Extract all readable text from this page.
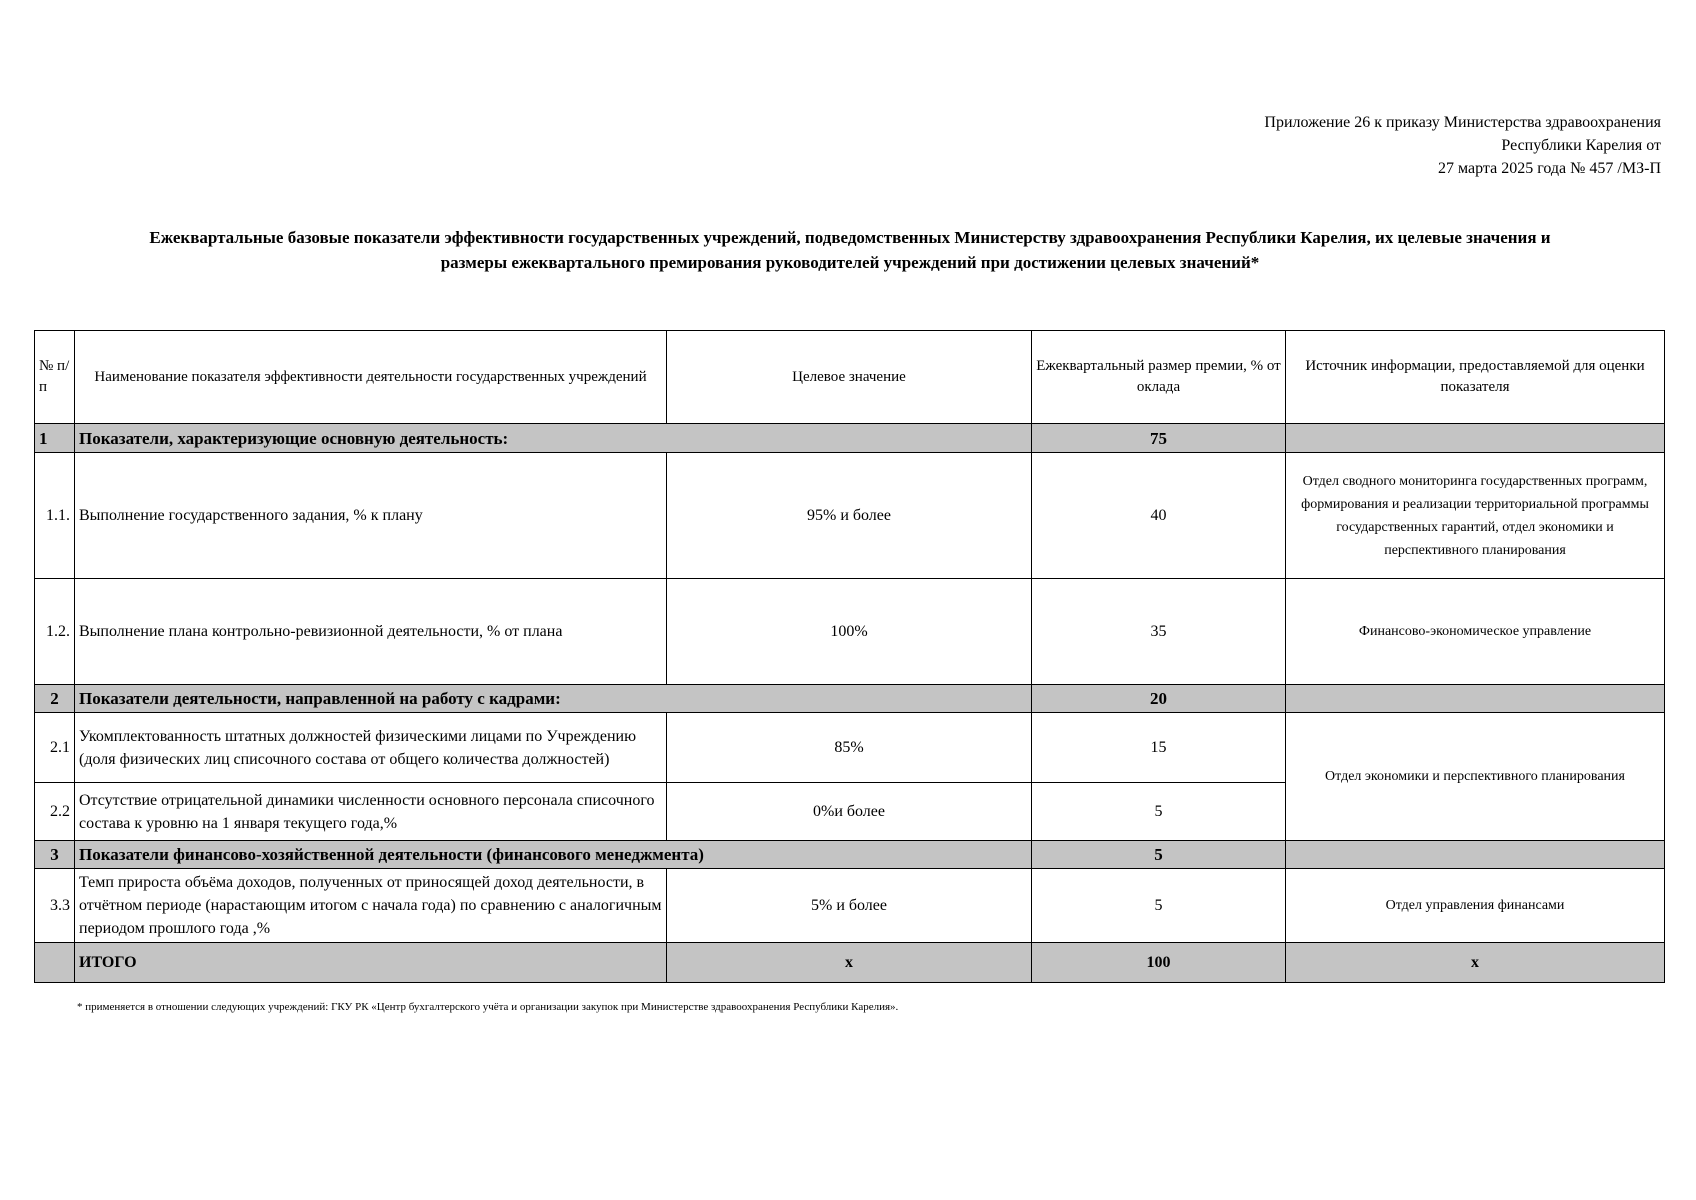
Приложение 26 к приказу Министерства здравоохранения
Республики Карелия от
27 марта 2025 года № 457 /МЗ-П
Ежеквартальные базовые показатели эффективности государственных учреждений, подведомственных Министерству здравоохранения Республики Карелия, их целевые значения и
размеры ежеквартального премирования руководителей учреждений при достижении целевых значений*
№ п/п	Наименование показателя эффективности деятельности государственных учреждений	Целевое значение	Ежеквартальный размер премии, % от оклада	Источник информации, предоставляемой для оценки показателя
1	Показатели, характеризующие основную деятельность:		75	
1.1.	Выполнение государственного задания, % к плану	95% и более	40	Отдел сводного мониторинга государственных программ, формирования и реализации территориальной программы государственных гарантий, отдел экономики и перспективного планирования
1.2.	Выполнение плана контрольно-ревизионной деятельности, % от плана	100%	35	Финансово-экономическое управление
2	Показатели деятельности, направленной на работу с кадрами:		20	
2.1	Укомплектованность штатных должностей физическими лицами по Учреждению (доля физических лиц списочного состава от общего количества должностей)	85%	15	Отдел экономики и перспективного планирования
2.2	Отсутствие отрицательной динамики численности основного персонала списочного состава к уровню на 1 января текущего года,%	0%и более	5	
3	Показатели финансово-хозяйственной деятельности (финансового менеджмента)		5	
3.3	Темп прироста объёма доходов, полученных от приносящей доход деятельности, в отчётном периоде (нарастающим итогом с начала года) по сравнению с аналогичным периодом прошлого года ,%	5% и более	5	Отдел управления финансами
	ИТОГО	х	100	х
* применяется в отношении следующих учреждений: ГКУ РК «Центр бухгалтерского учёта и организации закупок при Министерстве здравоохранения Республики Карелия».
